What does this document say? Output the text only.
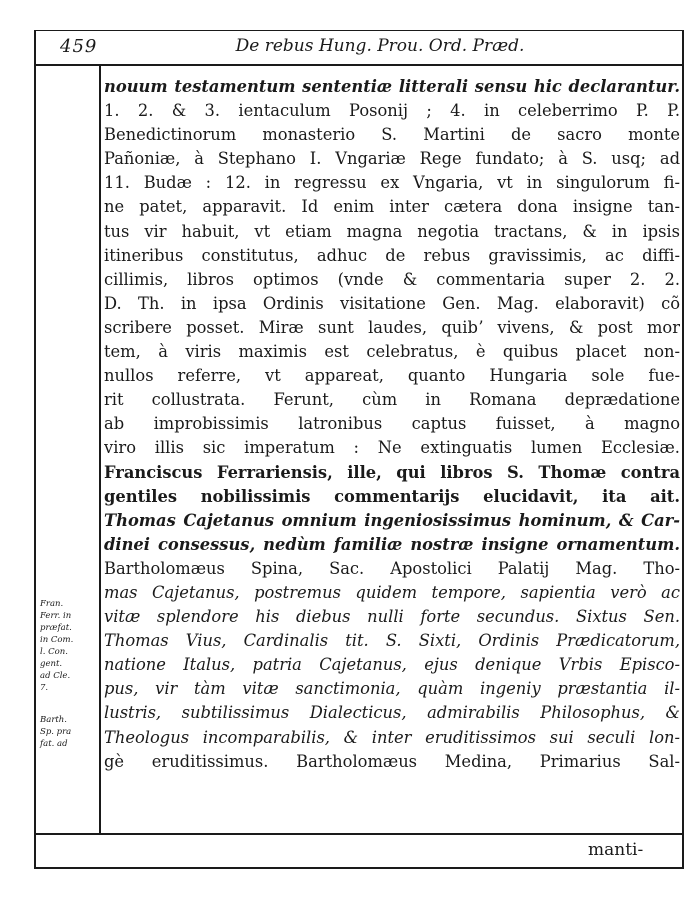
459	De rebus Hung. Prou. Ord. Præd.
nouum testamentum sententiæ litterali sensu hic declarantur.
1. 2. & 3. ientaculum Posonij ; 4. in celeberrimo P. P.
Benedictinorum monasterio S. Martini de sacro monte
Pañoniæ, à Stephano I. Vngariæ Rege fundato; à S. usq; ad
11. Budæ : 12. in regressu ex Vngaria, vt in singulorum fi-
ne patet, apparavit. Id enim inter cætera dona insigne tan-
tus vir habuit, vt etiam magna negotia tractans, & in ipsis
itineribus constitutus, adhuc de rebus gravissimis, ac diffi-
cillimis, libros optimos (vnde & commentaria super 2. 2.
D. Th. in ipsa Ordinis visitatione Gen. Mag. elaboravit) cõ
scribere posset. Miræ sunt laudes, quibʼ vivens, & post mor
tem, à viris maximis est celebratus, è quibus placet non-
nullos referre, vt appareat, quanto Hungaria sole fue-
rit collustrata. Ferunt, cùm in Romana deprædatione
ab improbissimis latronibus captus fuisset, à magno
viro illis sic imperatum : Ne extinguatis lumen Ecclesiæ.
Franciscus Ferrariensis, ille, qui libros S. Thomæ contra
gentiles nobilissimis commentarijs elucidavit, ita ait.
Thomas Cajetanus omnium ingeniosissimus hominum, & Car-
dinei consessus, nedùm familiæ nostræ insigne ornamentum.
Bartholomæus Spina, Sac. Apostolici Palatij Mag. Tho-
mas Cajetanus, postremus quidem tempore, sapientia verò ac
vitæ splendore his diebus nulli forte secundus. Sixtus Sen.
Thomas Vius, Cardinalis tit. S. Sixti, Ordinis Prædicatorum,
natione Italus, patria Cajetanus, ejus denique Vrbis Episco-
pus, vir tàm vitæ sanctimonia, quàm ingeniy præstantia il-
lustris, subtilissimus Dialecticus, admirabilis Philosophus, &
Theologus incomparabilis, & inter eruditissimos sui seculi lon-
gè eruditissimus. Bartholomæus Medina, Primarius Sal-
Fran.
Ferr. in
præfat.
in Com.
l. Con.
gent.
ad Cle.
7.
Barth.
Sp. pra
fat. ad
manti-
